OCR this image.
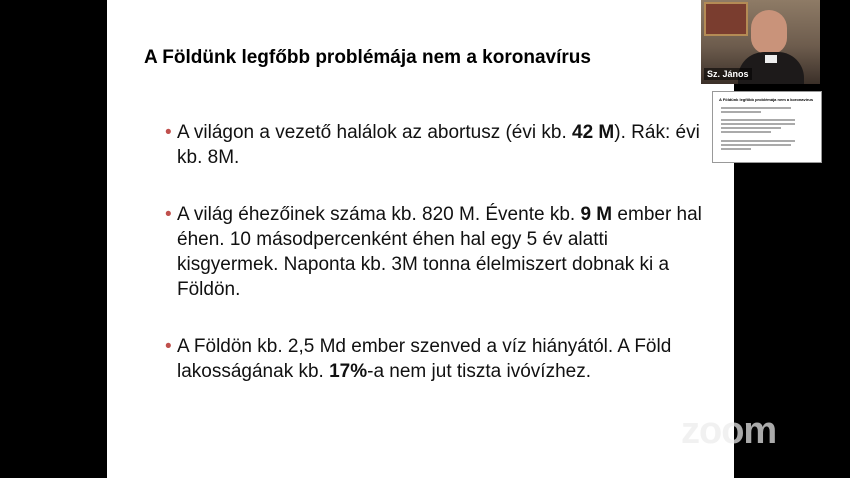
A Földünk legfőbb problémája nem a koronavírus
• A világon a vezető halálok az abortusz (évi kb. 42 M). Rák: évi kb. 8M.
• A világ éhezőinek száma kb. 820 M. Évente kb. 9 M ember hal éhen. 10 másodpercenként éhen hal egy 5 év alatti kisgyermek. Naponta kb. 3M tonna élelmiszert dobnak ki a Földön.
• A Földön kb. 2,5 Md ember szenved a víz hiányától. A Föld lakosságának kb. 17%-a nem jut tiszta ivóvízhez.
Sz. János
A Földünk legfőbb problémája nem a koronavírus
zoom
